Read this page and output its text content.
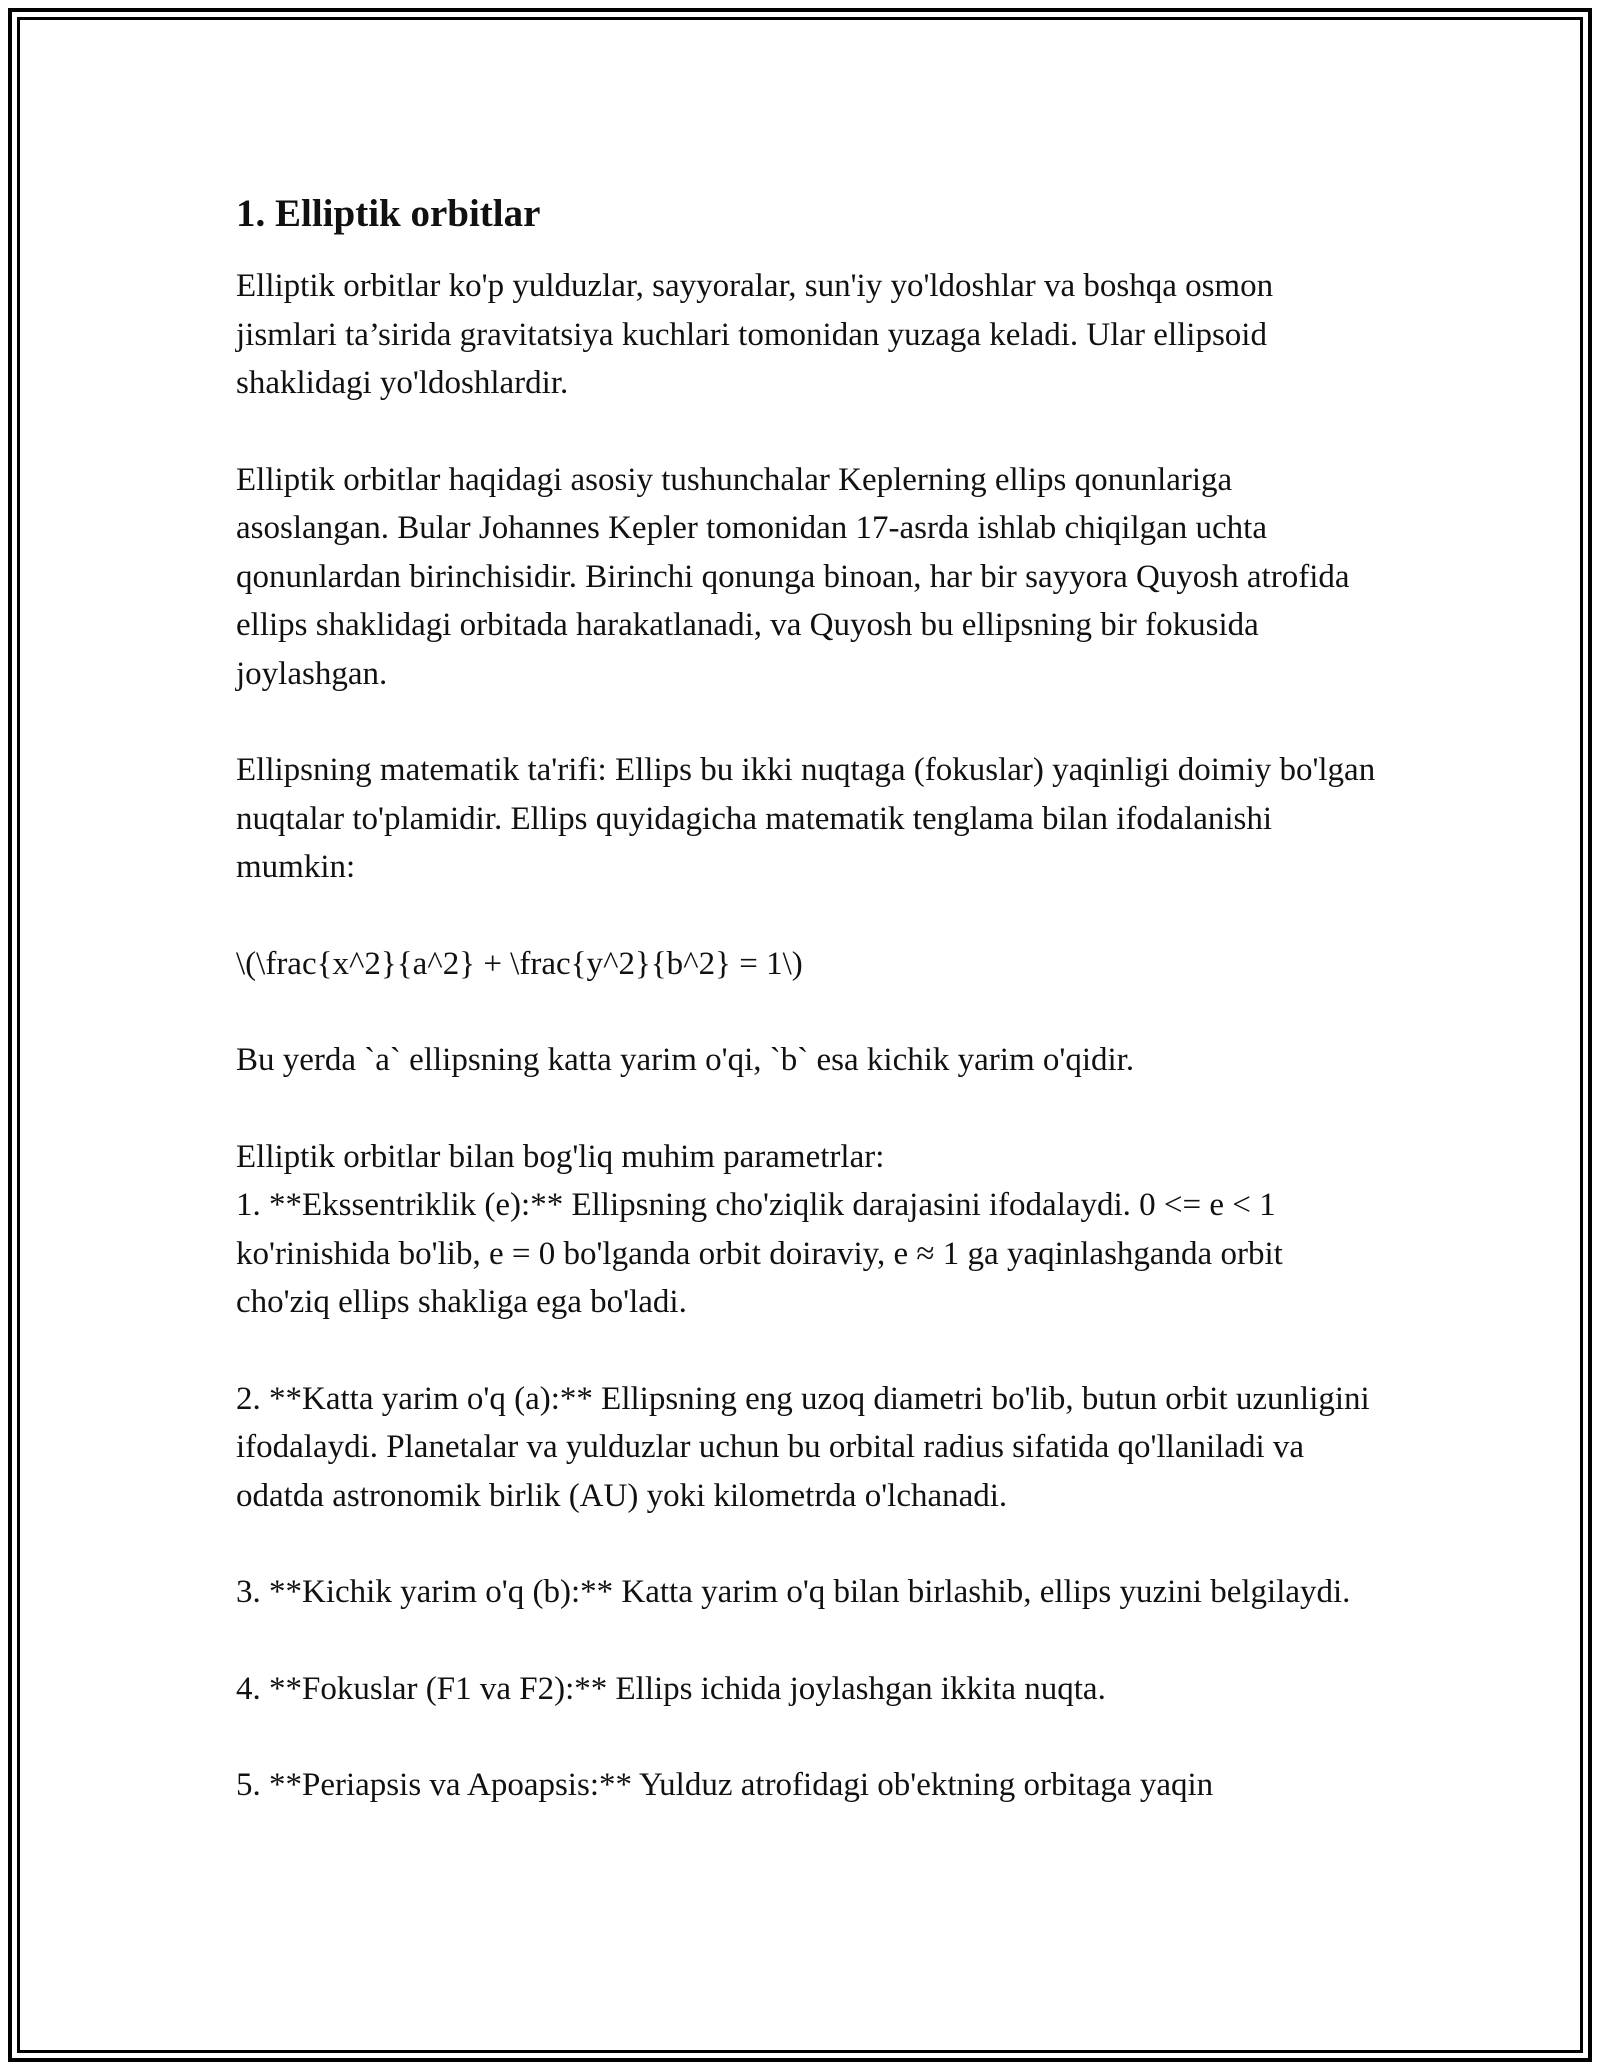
1. Elliptik orbitlar

Elliptik orbitlar ko'p yulduzlar, sayyoralar, sun'iy yo'ldoshlar va boshqa osmon jismlari ta’sirida gravitatsiya kuchlari tomonidan yuzaga keladi. Ular ellipsoid shaklidagi yo'ldoshlardir.

Elliptik orbitlar haqidagi asosiy tushunchalar Keplerning ellips qonunlariga asoslangan. Bular Johannes Kepler tomonidan 17-asrda ishlab chiqilgan uchta qonunlardan birinchisidir. Birinchi qonunga binoan, har bir sayyora Quyosh atrofida ellips shaklidagi orbitada harakatlanadi, va Quyosh bu ellipsning bir fokusida joylashgan.

Ellipsning matematik ta'rifi: Ellips bu ikki nuqtaga (fokuslar) yaqinligi doimiy bo'lgan nuqtalar to'plamidir. Ellips quyidagicha matematik tenglama bilan ifodalanishi mumkin:

\(\frac{x^2}{a^2} + \frac{y^2}{b^2} = 1\)

Bu yerda `a` ellipsning katta yarim o'qi, `b` esa kichik yarim o'qidir.

Elliptik orbitlar bilan bog'liq muhim parametrlar:

1. **Ekssentriklik (e):** Ellipsning cho'ziqlik darajasini ifodalaydi. 0 <= e < 1 ko'rinishida bo'lib, e = 0 bo'lganda orbit doiraviy, e ≈ 1 ga yaqinlashganda orbit cho'ziq ellips shakliga ega bo'ladi.

2. **Katta yarim o'q (a):** Ellipsning eng uzoq diametri bo'lib, butun orbit uzunligini ifodalaydi. Planetalar va yulduzlar uchun bu orbital radius sifatida qo'llaniladi va odatda astronomik birlik (AU) yoki kilometrda o'lchanadi.

3. **Kichik yarim o'q (b):** Katta yarim o'q bilan birlashib, ellips yuzini belgilaydi.

4. **Fokuslar (F1 va F2):** Ellips ichida joylashgan ikkita nuqta.

5. **Periapsis va Apoapsis:** Yulduz atrofidagi ob'ektning orbitaga yaqin
